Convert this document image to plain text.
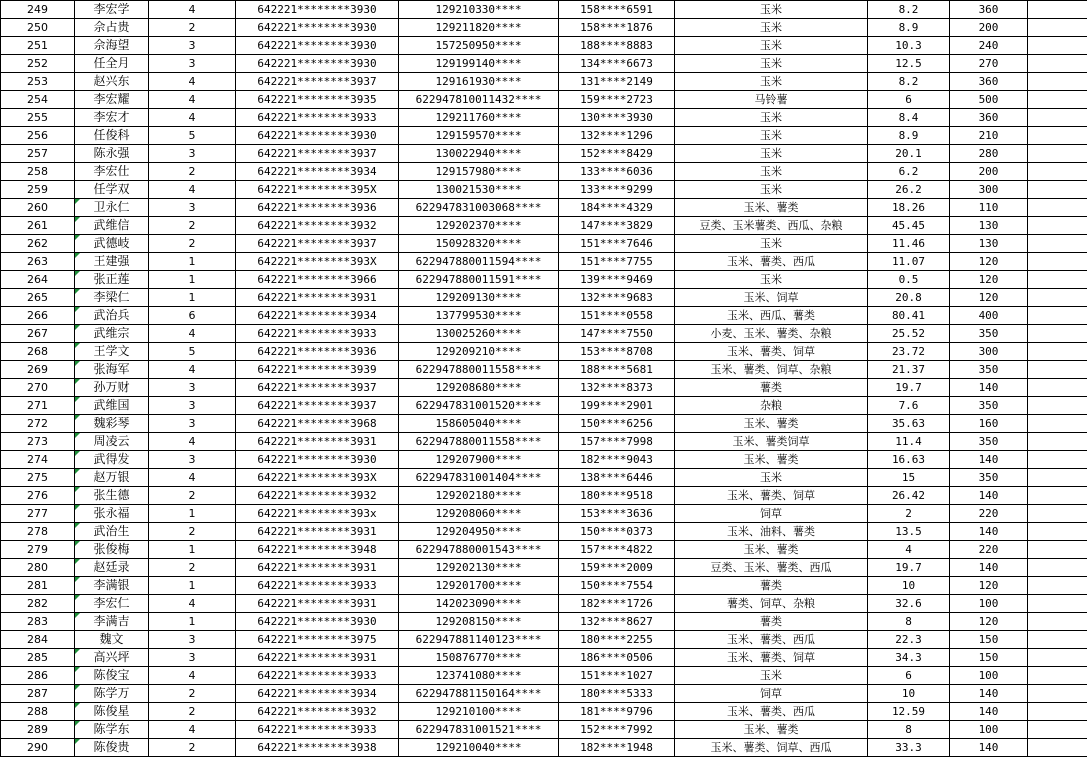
249	李宏学	4	642221********3930	129210330****	158****6591	玉米	8.2	360	
250	佘占贵	2	642221********3930	129211820****	158****1876	玉米	8.9	200	
251	佘海望	3	642221********3930	157250950****	188****8883	玉米	10.3	240	
252	任全月	3	642221********3930	129199140****	134****6673	玉米	12.5	270	
253	赵兴东	4	642221********3937	129161930****	131****2149	玉米	8.2	360	
254	李宏耀	4	642221********3935	622947810011432****	159****2723	马铃薯	6	500	
255	李宏才	4	642221********3933	129211760****	130****3930	玉米	8.4	360	
256	任俊科	5	642221********3930	129159570****	132****1296	玉米	8.9	210	
257	陈永强	3	642221********3937	130022940****	152****8429	玉米	20.1	280	
258	李宏仕	2	642221********3934	129157980****	133****6036	玉米	6.2	200	
259	任学双	4	642221********395X	130021530****	133****9299	玉米	26.2	300	
260	卫永仁	3	642221********3936	622947831003068****	184****4329	玉米、薯类	18.26	110	
261	武维信	2	642221********3932	129202370****	147****3829	豆类、玉米薯类、西瓜、杂粮	45.45	130	
262	武德岐	2	642221********3937	150928320****	151****7646	玉米	11.46	130	
263	王建强	1	642221********393X	622947880011594****	151****7755	玉米、薯类、西瓜	11.07	120	
264	张正莲	1	642221********3966	622947880011591****	139****9469	玉米	0.5	120	
265	李梁仁	1	642221********3931	129209130****	132****9683	玉米、饲草	20.8	120	
266	武治兵	6	642221********3934	137799530****	151****0558	玉米、西瓜、薯类	80.41	400	
267	武维宗	4	642221********3933	130025260****	147****7550	小麦、玉米、薯类、杂粮	25.52	350	
268	王学文	5	642221********3936	129209210****	153****8708	玉米、薯类、饲草	23.72	300	
269	张海军	4	642221********3939	622947880011558****	188****5681	玉米、薯类、饲草、杂粮	21.37	350	
270	孙万财	3	642221********3937	129208680****	132****8373	薯类	19.7	140	
271	武维国	3	642221********3937	622947831001520****	199****2901	杂粮	7.6	350	
272	魏彩琴	3	642221********3968	158605040****	150****6256	玉米、薯类	35.63	160	
273	周凌云	4	642221********3931	622947880011558****	157****7998	玉米、薯类饲草	11.4	350	
274	武得发	3	642221********3930	129207900****	182****9043	玉米、薯类	16.63	140	
275	赵万银	4	642221********393X	622947831001404****	138****6446	玉米	15	350	
276	张生德	2	642221********3932	129202180****	180****9518	玉米、薯类、饲草	26.42	140	
277	张永福	1	642221********393x	129208060****	153****3636	饲草	2	220	
278	武治生	2	642221********3931	129204950****	150****0373	玉米、油料、薯类	13.5	140	
279	张俊梅	1	642221********3948	622947880001543****	157****4822	玉米、薯类	4	220	
280	赵廷录	2	642221********3931	129202130****	159****2009	豆类、玉米、薯类、西瓜	19.7	140	
281	李满银	1	642221********3933	129201700****	150****7554	薯类	10	120	
282	李宏仁	4	642221********3931	142023090****	182****1726	薯类、饲草、杂粮	32.6	100	
283	李满吉	1	642221********3930	129208150****	132****8627	薯类	8	120	
284	魏文	3	642221********3975	622947881140123****	180****2255	玉米、薯类、西瓜	22.3	150	
285	高兴坪	3	642221********3931	150876770****	186****0506	玉米、薯类、饲草	34.3	150	
286	陈俊宝	4	642221********3933	123741080****	151****1027	玉米	6	100	
287	陈学万	2	642221********3934	622947881150164****	180****5333	饲草	10	140	
288	陈俊星	2	642221********3932	129210100****	181****9796	玉米、薯类、西瓜	12.59	140	
289	陈学东	4	642221********3933	622947831001521****	152****7992	玉米、薯类	8	100	
290	陈俊贵	2	642221********3938	129210040****	182****1948	玉米、薯类、饲草、西瓜	33.3	140	
